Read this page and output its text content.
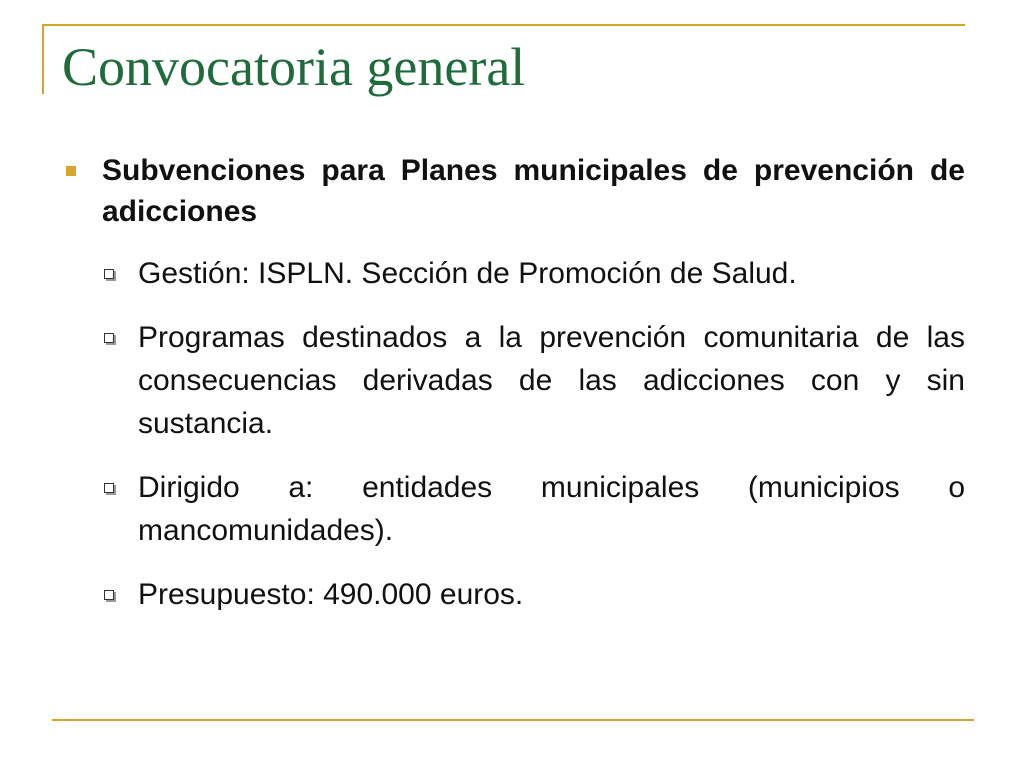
Convocatoria general
Subvenciones para Planes municipales de prevención de adicciones
Gestión: ISPLN. Sección de Promoción de Salud.
Programas destinados a la prevención comunitaria de las consecuencias derivadas de las adicciones con y sin sustancia.
Dirigido a: entidades municipales (municipios o mancomunidades).
Presupuesto: 490.000 euros.
